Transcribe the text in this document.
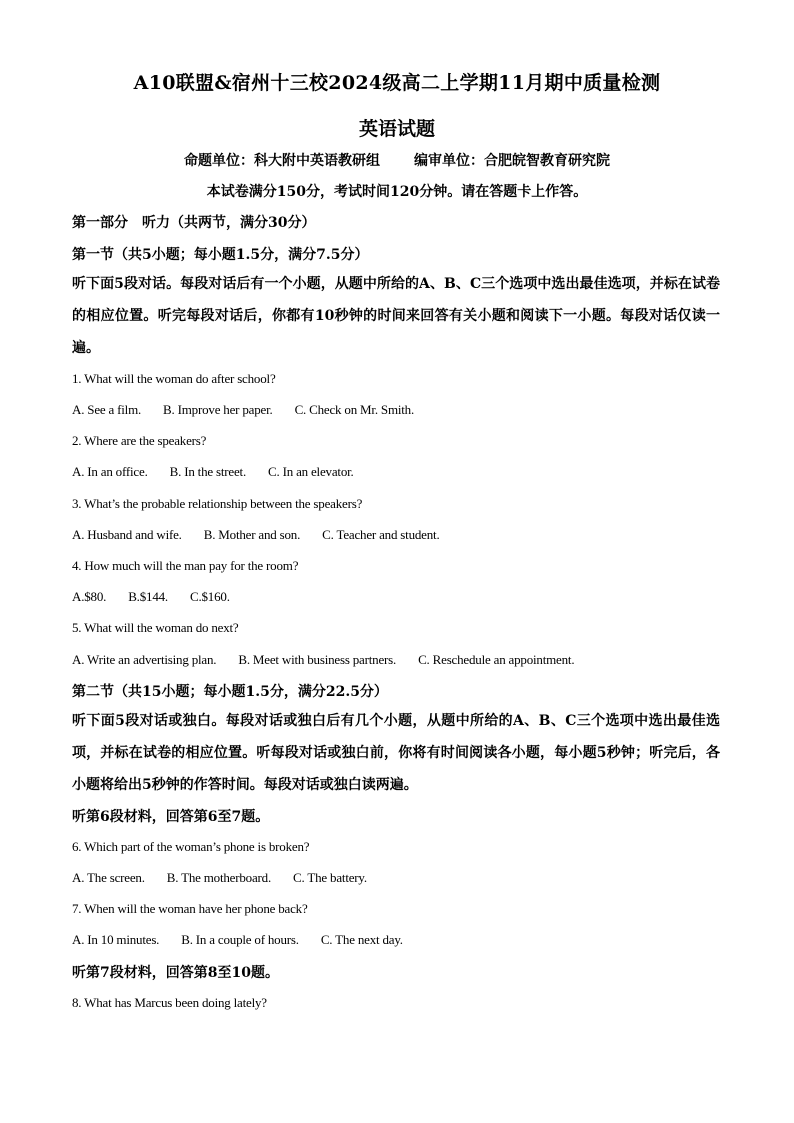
A10联盟&宿州十三校2024级高二上学期11月期中质量检测
英语试题
命题单位：科大附中英语教研组 编审单位：合肥皖智教育研究院
本试卷满分150分，考试时间120分钟。请在答题卡上作答。
第一部分　听力（共两节，满分30分）
第一节（共5小题；每小题1.5分，满分7.5分）
听下面5段对话。每段对话后有一个小题，从题中所给的A、B、C三个选项中选出最佳选项，并标在试卷的相应位置。听完每段对话后，你都有10秒钟的时间来回答有关小题和阅读下一小题。每段对话仅读一遍。
1. What will the woman do after school?
A. See a film. B. Improve her paper. C. Check on Mr. Smith.
2. Where are the speakers?
A. In an office. B. In the street. C. In an elevator.
3. What’s the probable relationship between the speakers?
A. Husband and wife. B. Mother and son. C. Teacher and student.
4. How much will the man pay for the room?
A.$80. B.$144. C.$160.
5. What will the woman do next?
A. Write an advertising plan. B. Meet with business partners. C. Reschedule an appointment.
第二节（共15小题；每小题1.5分，满分22.5分）
听下面5段对话或独白。每段对话或独白后有几个小题，从题中所给的A、B、C三个选项中选出最佳选项，并标在试卷的相应位置。听每段对话或独白前，你将有时间阅读各小题，每小题5秒钟；听完后，各小题将给出5秒钟的作答时间。每段对话或独白读两遍。
听第6段材料，回答第6至7题。
6. Which part of the woman’s phone is broken?
A. The screen. B. The motherboard. C. The battery.
7. When will the woman have her phone back?
A. In 10 minutes. B. In a couple of hours. C. The next day.
听第7段材料，回答第8至10题。
8. What has Marcus been doing lately?
